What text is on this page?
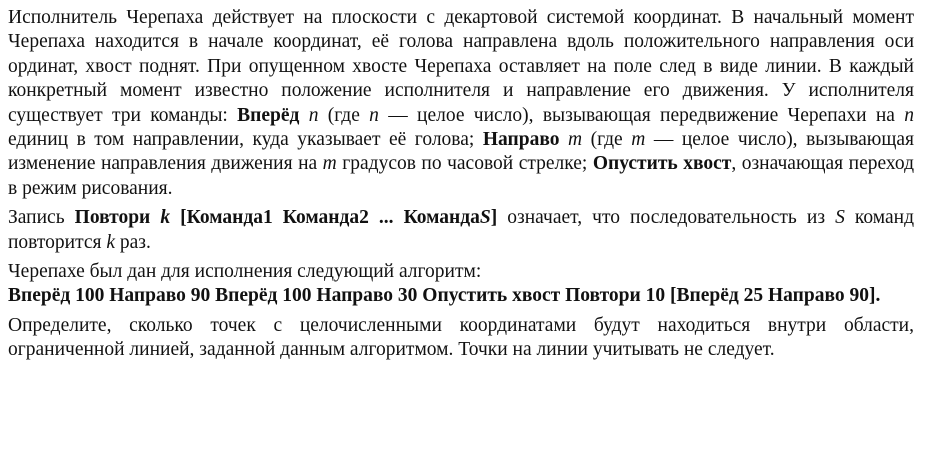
Исполнитель Черепаха действует на плоскости с декартовой системой координат. В начальный момент Черепаха находится в начале координат, её голова направлена вдоль положительного направления оси ординат, хвост поднят. При опущенном хвосте Черепаха оставляет на поле след в виде линии. В каждый конкретный момент известно положение исполнителя и направление его движения. У исполнителя существует три команды: Вперёд n (где n — целое число), вызывающая передвижение Черепахи на n единиц в том направлении, куда указывает её голова; Направо m (где m — целое число), вызывающая изменение направления движения на m градусов по часовой стрелке; Опустить хвост, означающая переход в режим рисования.

Запись Повтори k [Команда1 Команда2 ... КомандаS] означает, что последовательность из S команд повторится k раз.

Черепахе был дан для исполнения следующий алгоритм:
Вперёд 100 Направо 90 Вперёд 100 Направо 30 Опустить хвост Повтори 10 [Вперёд 25 Направо 90].

Определите, сколько точек с целочисленными координатами будут находиться внутри области, ограниченной линией, заданной данным алгоритмом. Точки на линии учитывать не следует.
